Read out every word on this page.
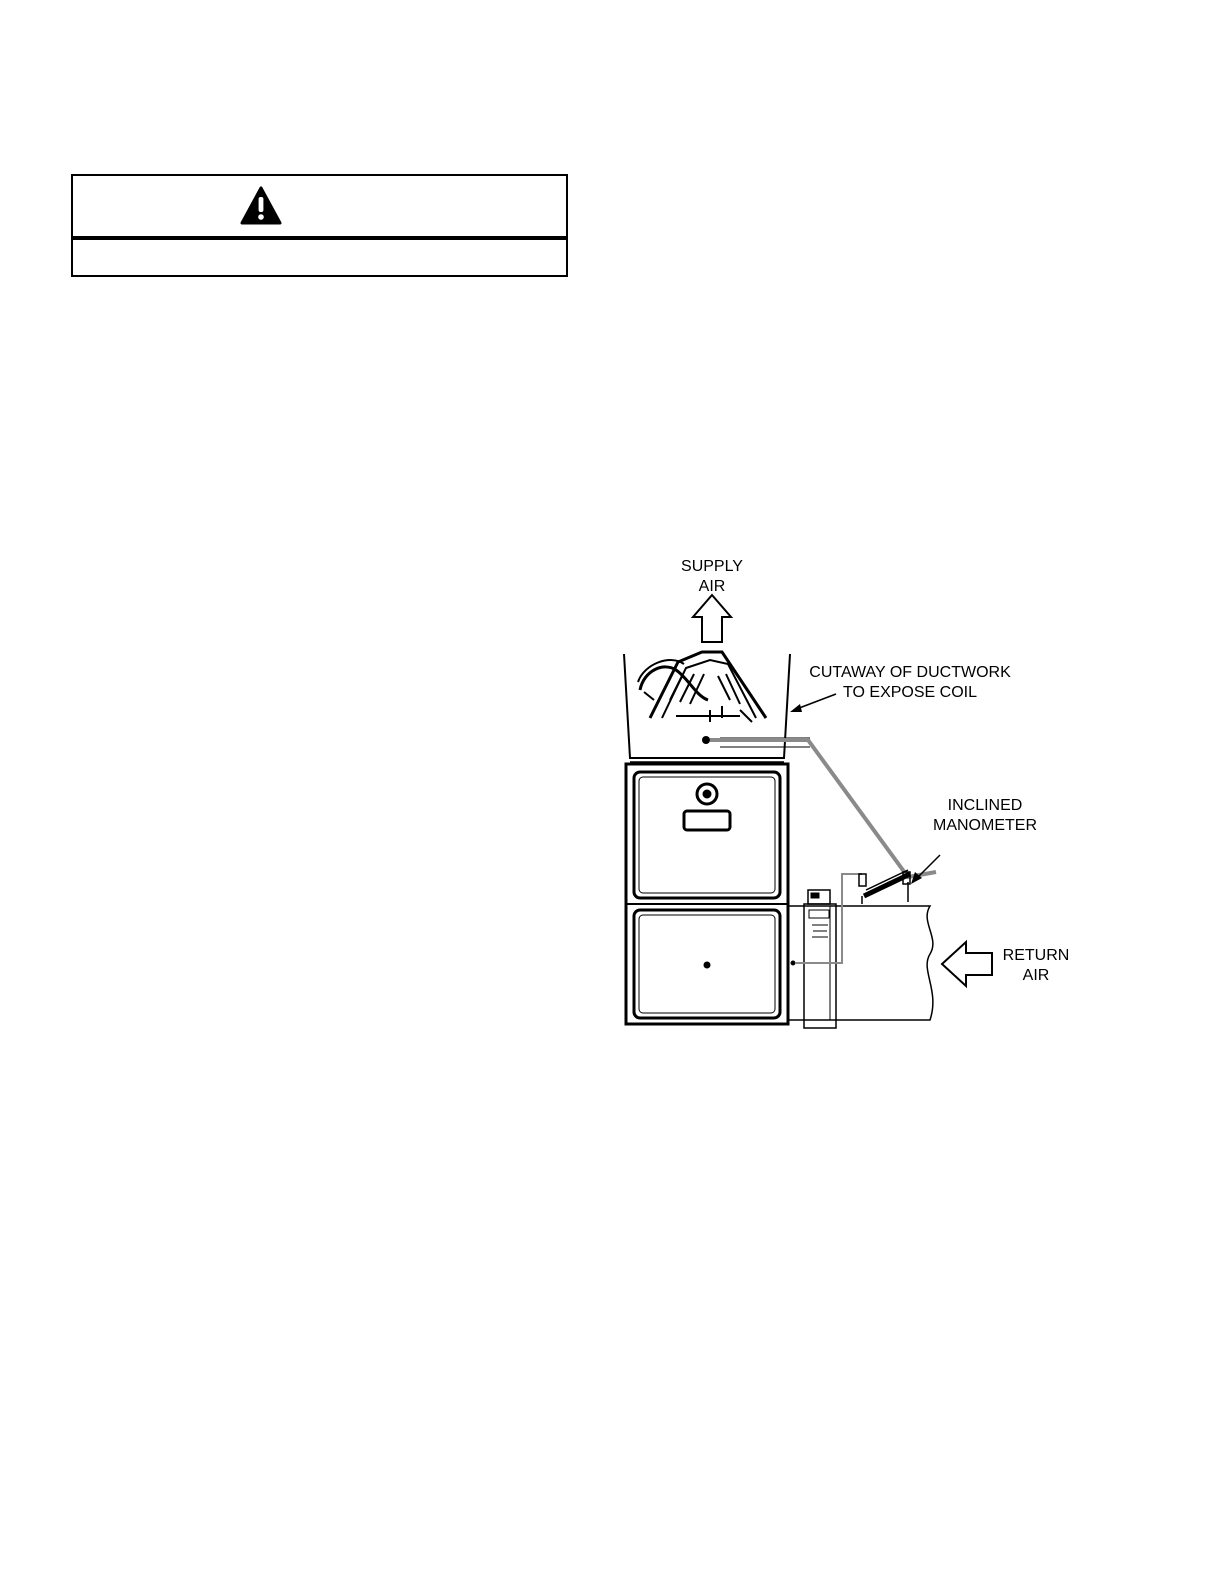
SUPPLY
AIR
CUTAWAY OF DUCTWORK
TO EXPOSE COIL
INCLINED
MANOMETER
RETURN
AIR
